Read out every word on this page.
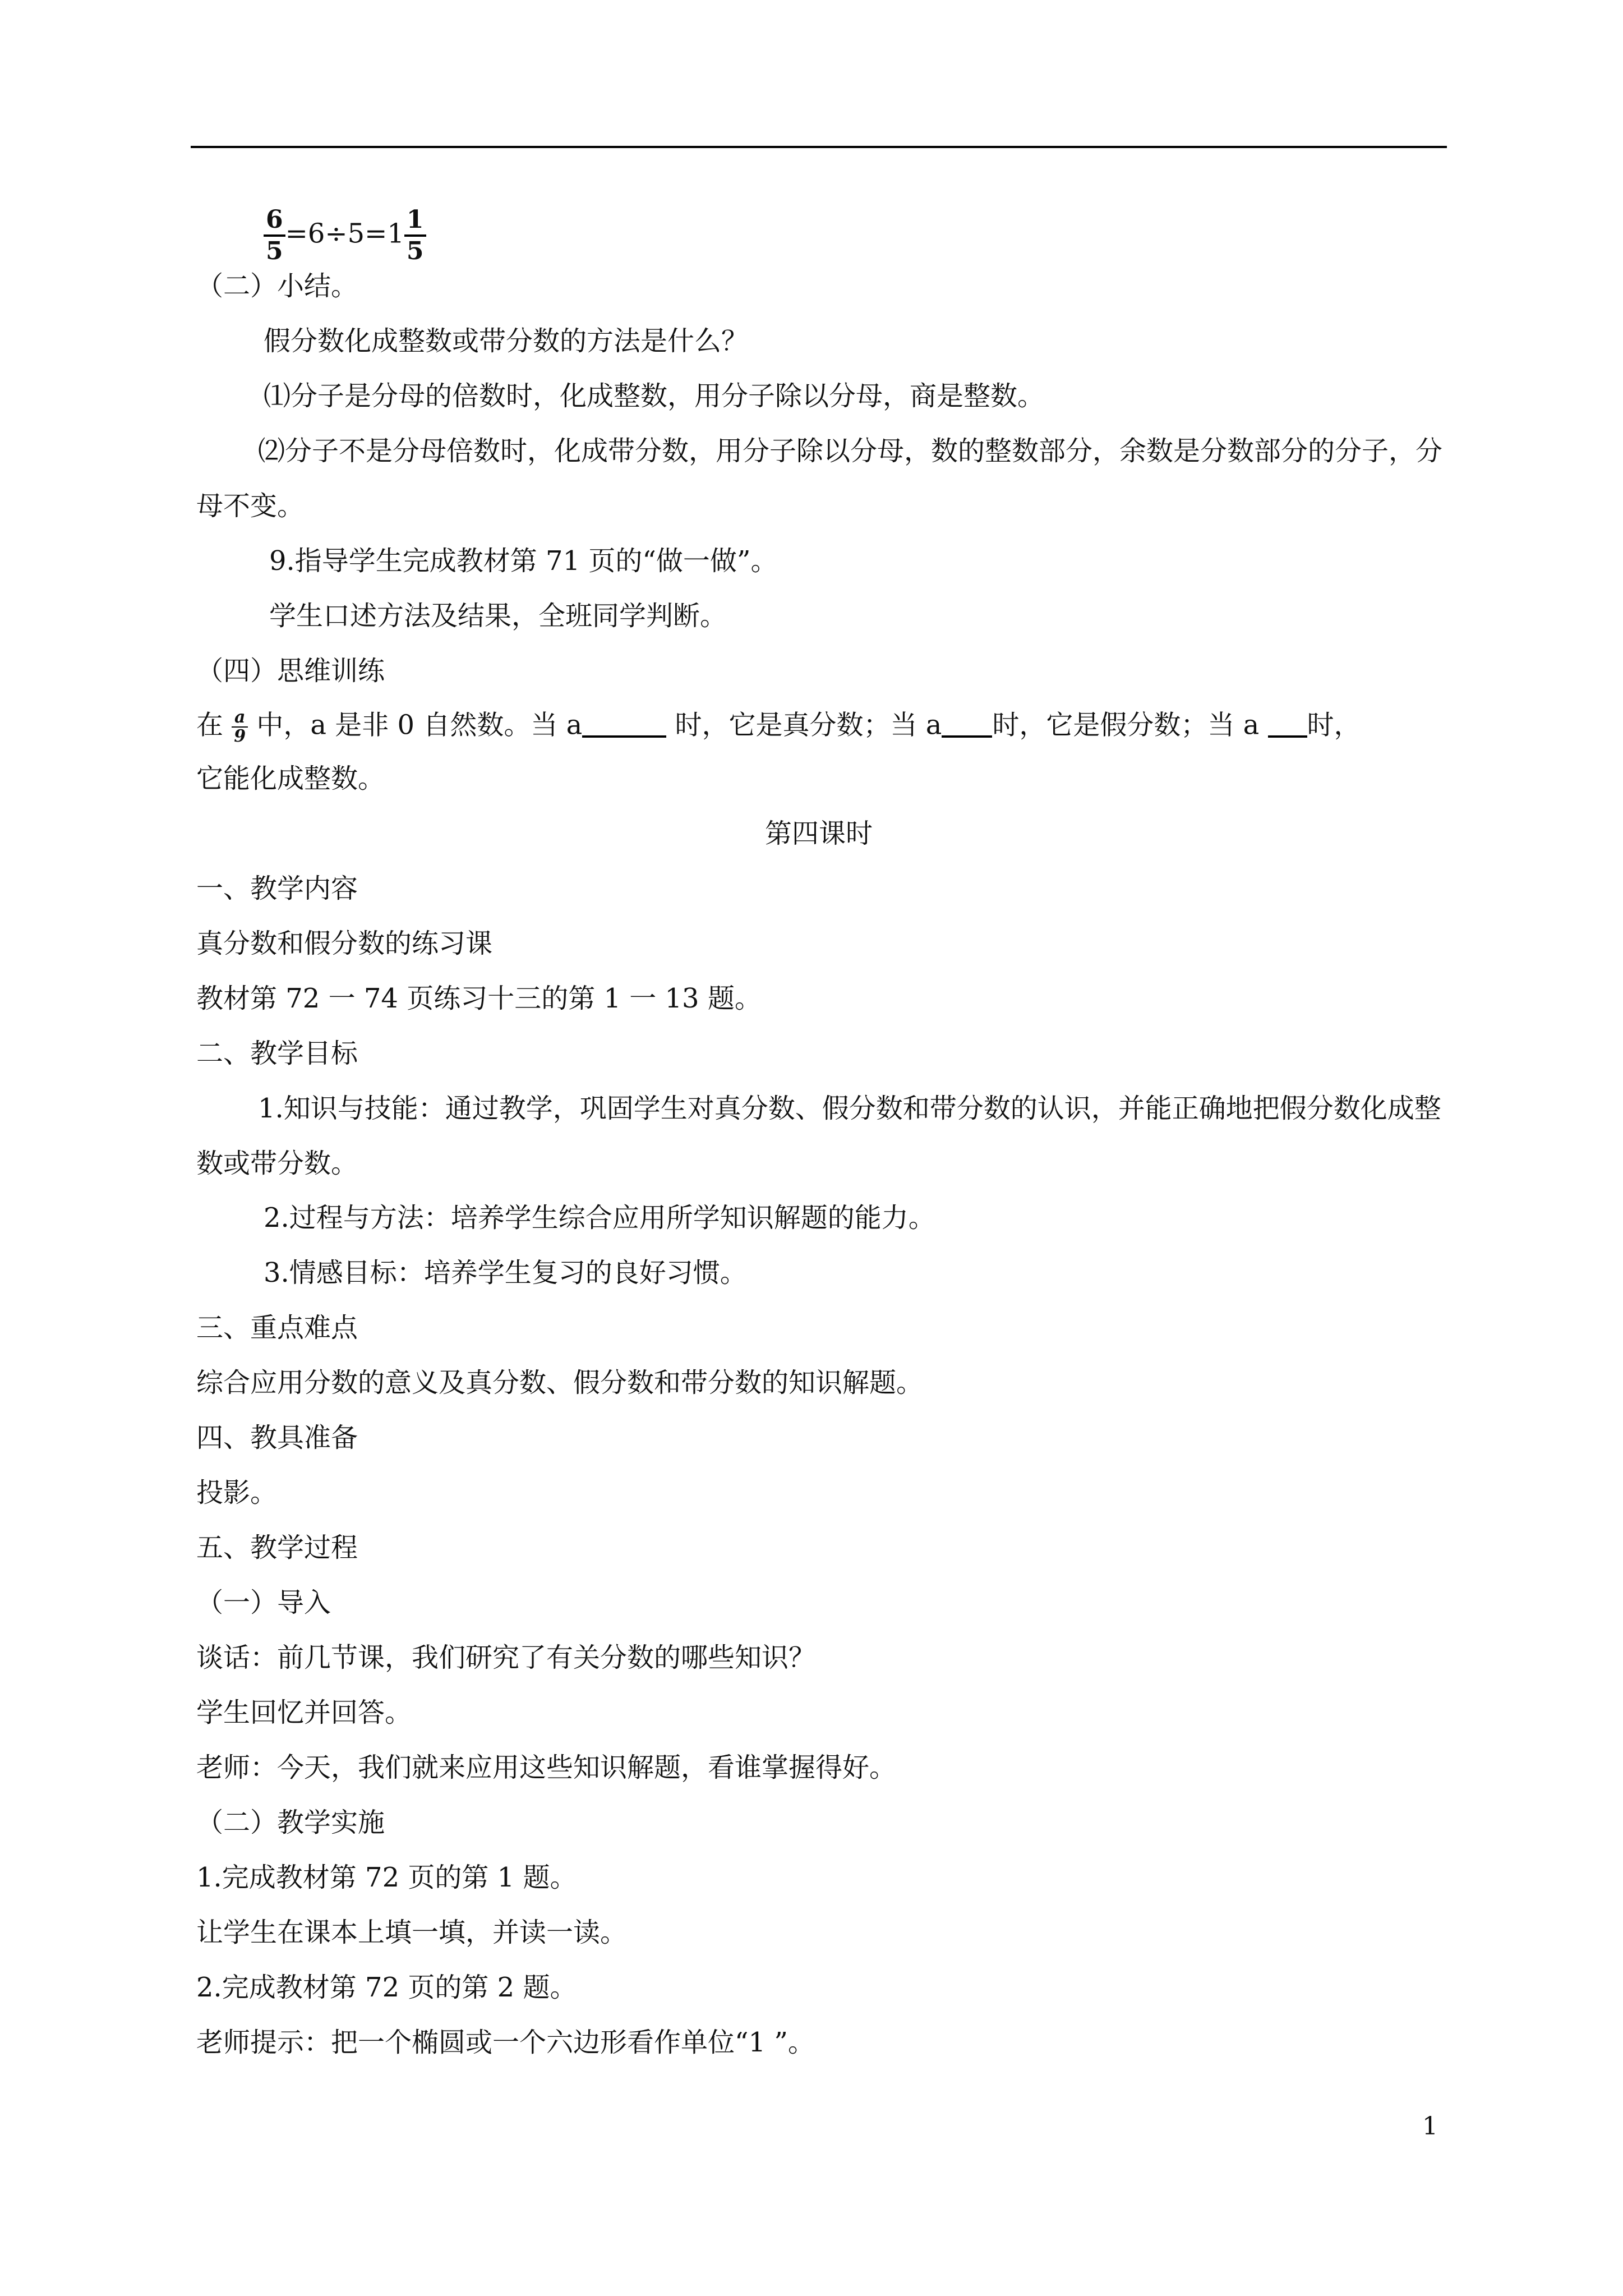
$\frac{6}{5} =6\div 5=1 \frac{1}{5}$
（二）小结。
假分数化成整数或带分数的方法是什么？
⑴分子是分母的倍数时，化成整数，用分子除以分母，商是整数。
⑵分子不是分母倍数时，化成带分数，用分子除以分母，数的整数部分，余数是分数部分的分子，分母不变。
9.指导学生完成教材第 71 页的“做一做”。
学生口述方法及结果，全班同学判断。
（四）思维训练
在 $\frac{a}{9}$ 中，a 是非 0 自然数。当 a	时，它是真分数；当 a 时，它是假分数；当 a 时，
它能化成整数。
第四课时
一、教学内容
真分数和假分数的练习课
教材第 72 一 74 页练习十三的第 1 一 13 题。
二、教学目标
1.知识与技能：通过教学，巩固学生对真分数、假分数和带分数的认识，并能正确地把假分数化成整数或带分数。
2.过程与方法：培养学生综合应用所学知识解题的能力。
3.情感目标：培养学生复习的良好习惯。
三、重点难点
综合应用分数的意义及真分数、假分数和带分数的知识解题。
四、教具准备
投影。
五、教学过程
（一）导入
谈话：前几节课，我们研究了有关分数的哪些知识？
学生回忆并回答。
老师：今天，我们就来应用这些知识解题，看谁掌握得好。
（二）教学实施
1.完成教材第 72 页的第 1 题。
让学生在课本上填一填，并读一读。
2.完成教材第 72 页的第 2 题。
老师提示：把一个椭圆或一个六边形看作单位“1 ”。
1
